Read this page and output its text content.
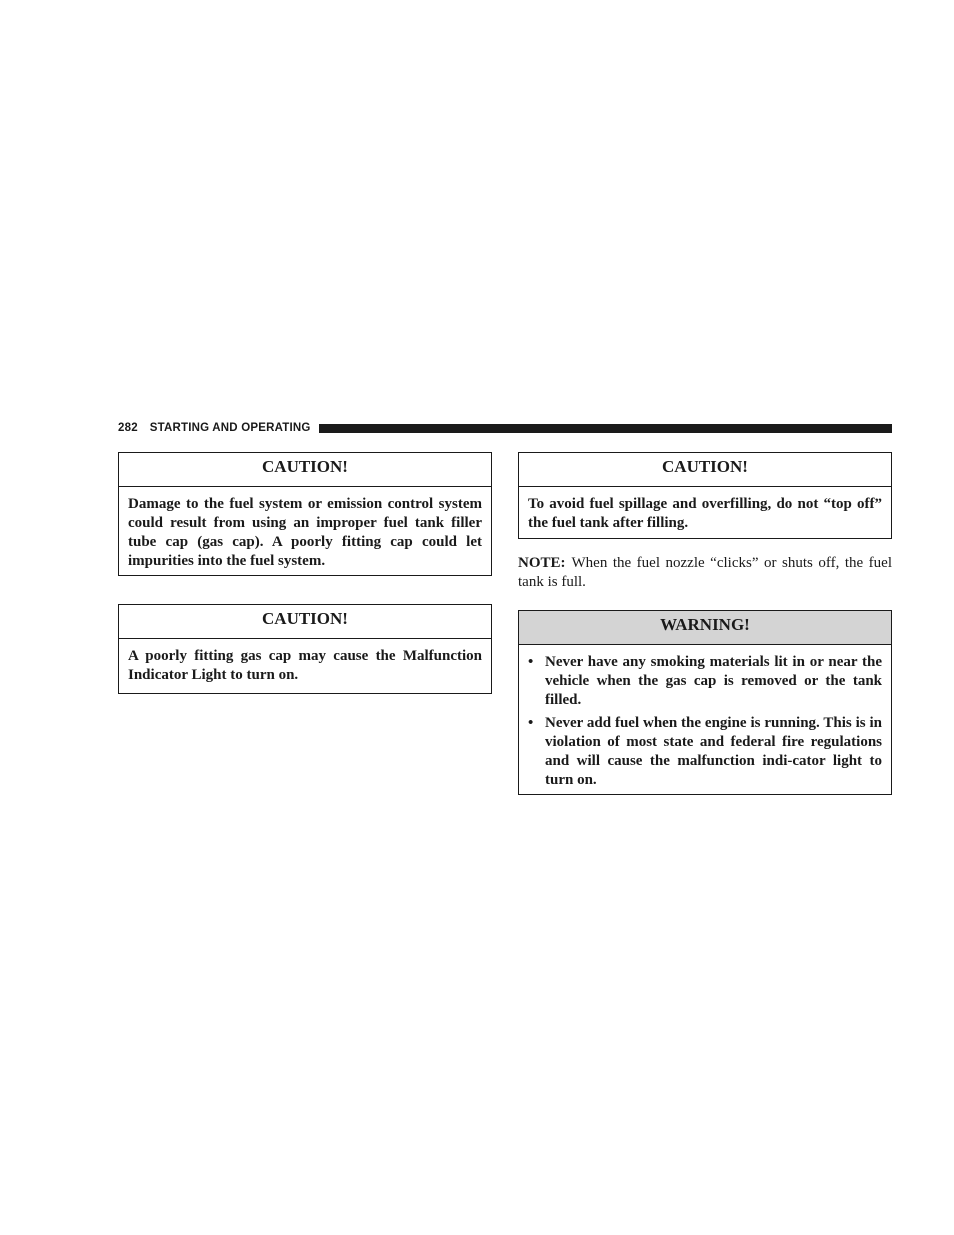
282 STARTING AND OPERATING
CAUTION!
Damage to the fuel system or emission control system could result from using an improper fuel tank filler tube cap (gas cap). A poorly fitting cap could let impurities into the fuel system.
CAUTION!
A poorly fitting gas cap may cause the Malfunction Indicator Light to turn on.
CAUTION!
To avoid fuel spillage and overfilling, do not “top off” the fuel tank after filling.
NOTE: When the fuel nozzle “clicks” or shuts off, the fuel tank is full.
WARNING!
• Never have any smoking materials lit in or near the vehicle when the gas cap is removed or the tank filled.
• Never add fuel when the engine is running. This is in violation of most state and federal fire regulations and will cause the malfunction indi-cator light to turn on.
